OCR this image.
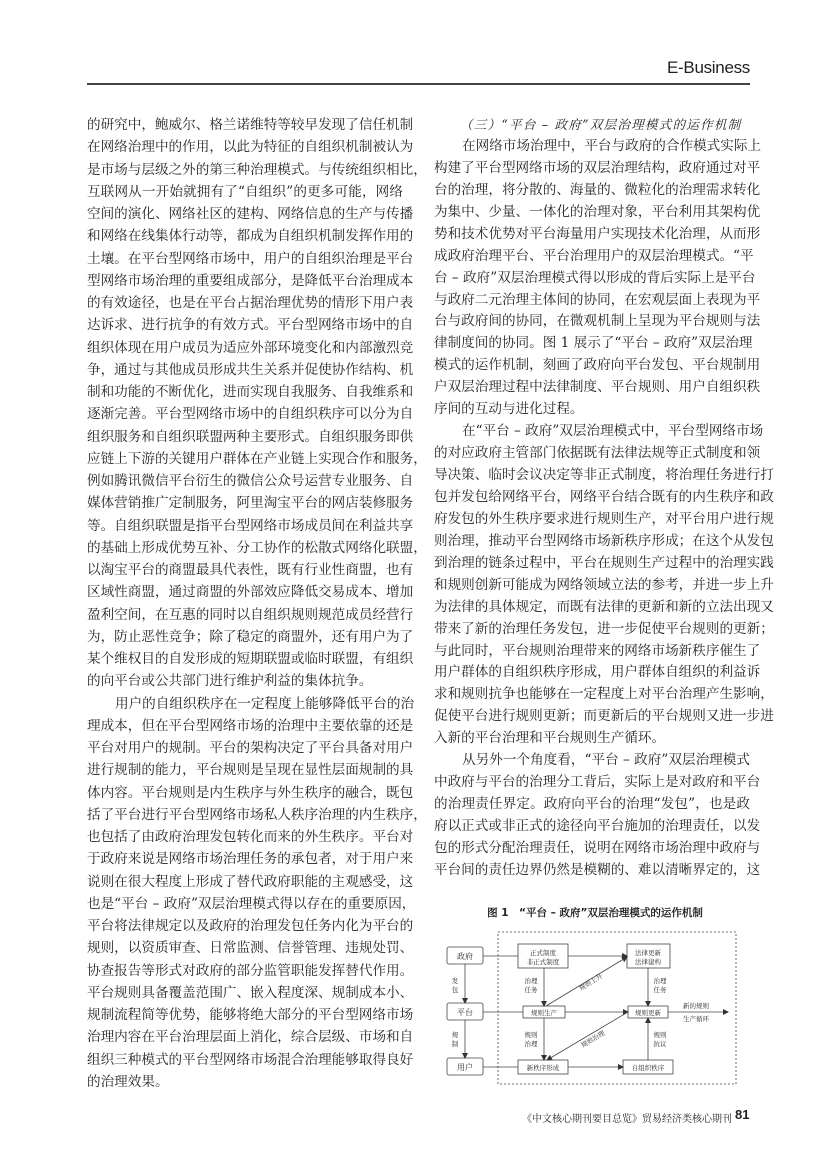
E-Business
的研究中，鲍威尔、格兰诺维特等较早发现了信任机制
在网络治理中的作用，以此为特征的自组织机制被认为
是市场与层级之外的第三种治理模式。与传统组织相比，
互联网从一开始就拥有了“自组织”的更多可能，网络
空间的演化、网络社区的建构、网络信息的生产与传播
和网络在线集体行动等，都成为自组织机制发挥作用的
土壤。在平台型网络市场中，用户的自组织治理是平台
型网络市场治理的重要组成部分，是降低平台治理成本
的有效途径，也是在平台占据治理优势的情形下用户表
达诉求、进行抗争的有效方式。平台型网络市场中的自
组织体现在用户成员为适应外部环境变化和内部激烈竞
争，通过与其他成员形成共生关系并促使协作结构、机
制和功能的不断优化，进而实现自我服务、自我维系和
逐渐完善。平台型网络市场中的自组织秩序可以分为自
组织服务和自组织联盟两种主要形式。自组织服务即供
应链上下游的关键用户群体在产业链上实现合作和服务，
例如腾讯微信平台衍生的微信公众号运营专业服务、自
媒体营销推广定制服务，阿里淘宝平台的网店装修服务
等。自组织联盟是指平台型网络市场成员间在利益共享
的基础上形成优势互补、分工协作的松散式网络化联盟，
以淘宝平台的商盟最具代表性，既有行业性商盟，也有
区域性商盟，通过商盟的外部效应降低交易成本、增加
盈利空间，在互惠的同时以自组织规则规范成员经营行
为，防止恶性竞争；除了稳定的商盟外，还有用户为了
某个维权目的自发形成的短期联盟或临时联盟，有组织
的向平台或公共部门进行维护利益的集体抗争。
用户的自组织秩序在一定程度上能够降低平台的治
理成本，但在平台型网络市场的治理中主要依靠的还是
平台对用户的规制。平台的架构决定了平台具备对用户
进行规制的能力，平台规则是呈现在显性层面规制的具
体内容。平台规则是内生秩序与外生秩序的融合，既包
括了平台进行平台型网络市场私人秩序治理的内生秩序，
也包括了由政府治理发包转化而来的外生秩序。平台对
于政府来说是网络市场治理任务的承包者，对于用户来
说则在很大程度上形成了替代政府职能的主观感受，这
也是“平台 – 政府”双层治理模式得以存在的重要原因，
平台将法律规定以及政府的治理发包任务内化为平台的
规则，以资质审查、日常监测、信誉管理、违规处罚、
协查报告等形式对政府的部分监管职能发挥替代作用。
平台规则具备覆盖范围广、嵌入程度深、规制成本小、
规制流程简等优势，能够将绝大部分的平台型网络市场
治理内容在平台治理层面上消化，综合层级、市场和自
组织三种模式的平台型网络市场混合治理能够取得良好
的治理效果。
（三）“平台 – 政府”双层治理模式的运作机制
在网络市场治理中，平台与政府的合作模式实际上
构建了平台型网络市场的双层治理结构，政府通过对平
台的治理，将分散的、海量的、微粒化的治理需求转化
为集中、少量、一体化的治理对象，平台利用其架构优
势和技术优势对平台海量用户实现技术化治理，从而形
成政府治理平台、平台治理用户的双层治理模式。“平
台 – 政府”双层治理模式得以形成的背后实际上是平台
与政府二元治理主体间的协同，在宏观层面上表现为平
台与政府间的协同，在微观机制上呈现为平台规则与法
律制度间的协同。图 1 展示了“平台 – 政府”双层治理
模式的运作机制，刻画了政府向平台发包、平台规制用
户双层治理过程中法律制度、平台规则、用户自组织秩
序间的互动与进化过程。
在“平台 – 政府”双层治理模式中，平台型网络市场
的对应政府主管部门依据既有法律法规等正式制度和领
导决策、临时会议决定等非正式制度，将治理任务进行打
包并发包给网络平台，网络平台结合既有的内生秩序和政
府发包的外生秩序要求进行规则生产，对平台用户进行规
则治理，推动平台型网络市场新秩序形成；在这个从发包
到治理的链条过程中，平台在规则生产过程中的治理实践
和规则创新可能成为网络领域立法的参考，并进一步上升
为法律的具体规定，而既有法律的更新和新的立法出现又
带来了新的治理任务发包，进一步促使平台规则的更新；
与此同时，平台规则治理带来的网络市场新秩序催生了
用户群体的自组织秩序形成，用户群体自组织的利益诉
求和规则抗争也能够在一定程度上对平台治理产生影响，
促使平台进行规则更新；而更新后的平台规则又进一步进
入新的平台治理和平台规则生产循环。
从另外一个角度看，“平台 – 政府”双层治理模式
中政府与平台的治理分工背后，实际上是对政府和平台
的治理责任界定。政府向平台的治理“发包”，也是政
府以正式或非正式的途径向平台施加的治理责任，以发
包的形式分配治理责任，说明在网络市场治理中政府与
平台间的责任边界仍然是模糊的、难以清晰界定的，这
图 1　“平台 – 政府”双层治理模式的运作机制
政府
平台
用户
正式制度
非正式制度
法律更新
法律建构
规则生产	规则更新
新秩序形成	自组织秩序
发
包
规
制
治理
任务
治理
任务
规则
治理
规则
抗议
规则上升
规则治理
新的规则
生产循环
《中文核心期刊要目总览》贸易经济类核心期刊 81
